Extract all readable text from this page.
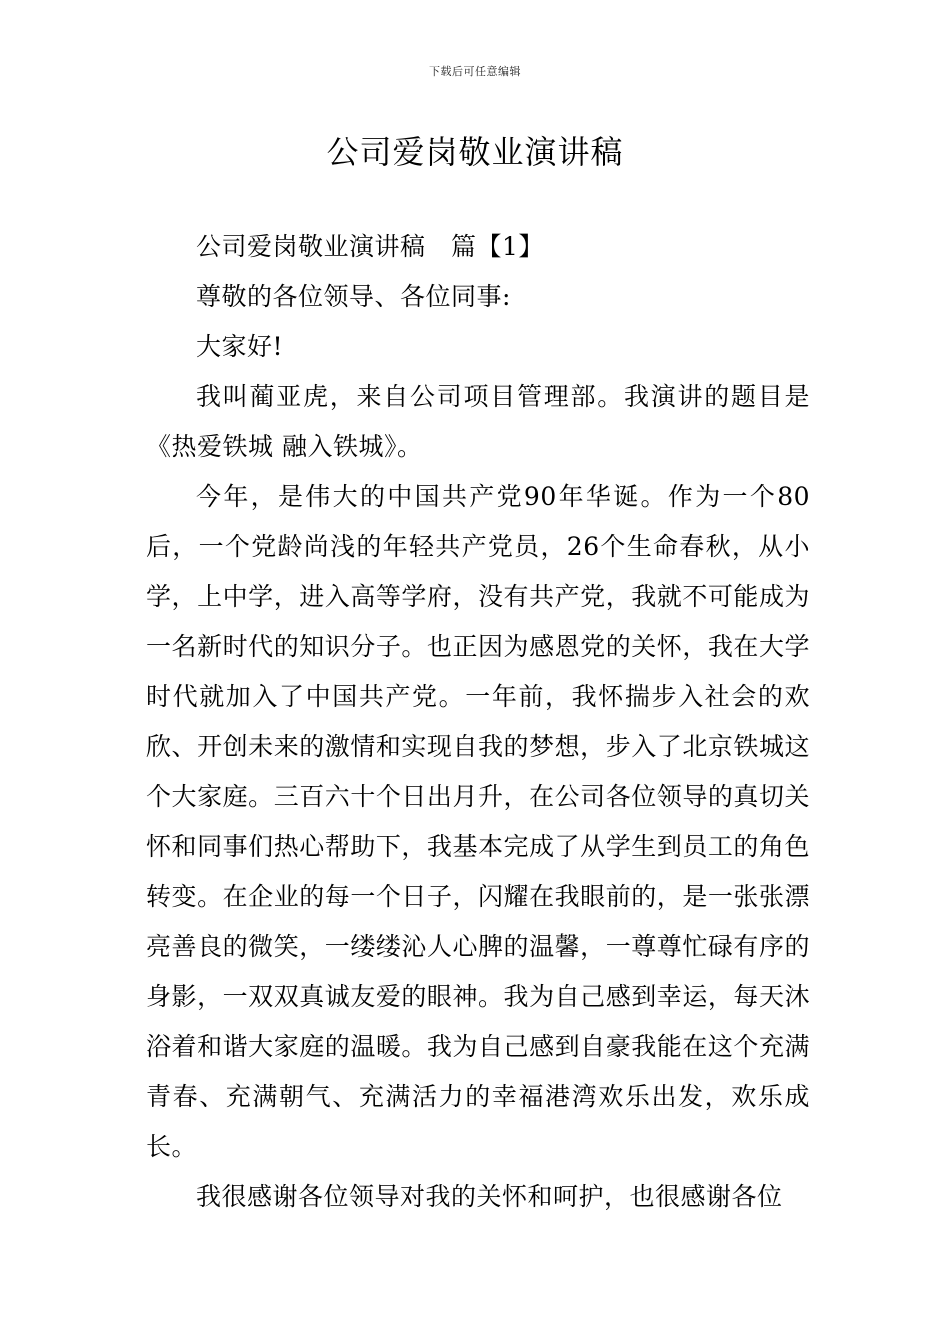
下载后可任意编辑
公司爱岗敬业演讲稿

公司爱岗敬业演讲稿　篇【1】

尊敬的各位领导、各位同事:

大家好!

我叫蔺亚虎，来自公司项目管理部。我演讲的题目是《热爱铁城 融入铁城》。

今年，是伟大的中国共产党90年华诞。作为一个80后，一个党龄尚浅的年轻共产党员，26个生命春秋，从小学，上中学，进入高等学府，没有共产党，我就不可能成为一名新时代的知识分子。也正因为感恩党的关怀，我在大学时代就加入了中国共产党。一年前，我怀揣步入社会的欢欣、开创未来的激情和实现自我的梦想，步入了北京铁城这个大家庭。三百六十个日出月升，在公司各位领导的真切关怀和同事们热心帮助下，我基本完成了从学生到员工的角色转变。在企业的每一个日子，闪耀在我眼前的，是一张张漂亮善良的微笑，一缕缕沁人心脾的温馨，一尊尊忙碌有序的身影，一双双真诚友爱的眼神。我为自己感到幸运，每天沐浴着和谐大家庭的温暖。我为自己感到自豪我能在这个充满青春、充满朝气、充满活力的幸福港湾欢乐出发，欢乐成长。

我很感谢各位领导对我的关怀和呵护，也很感谢各位
